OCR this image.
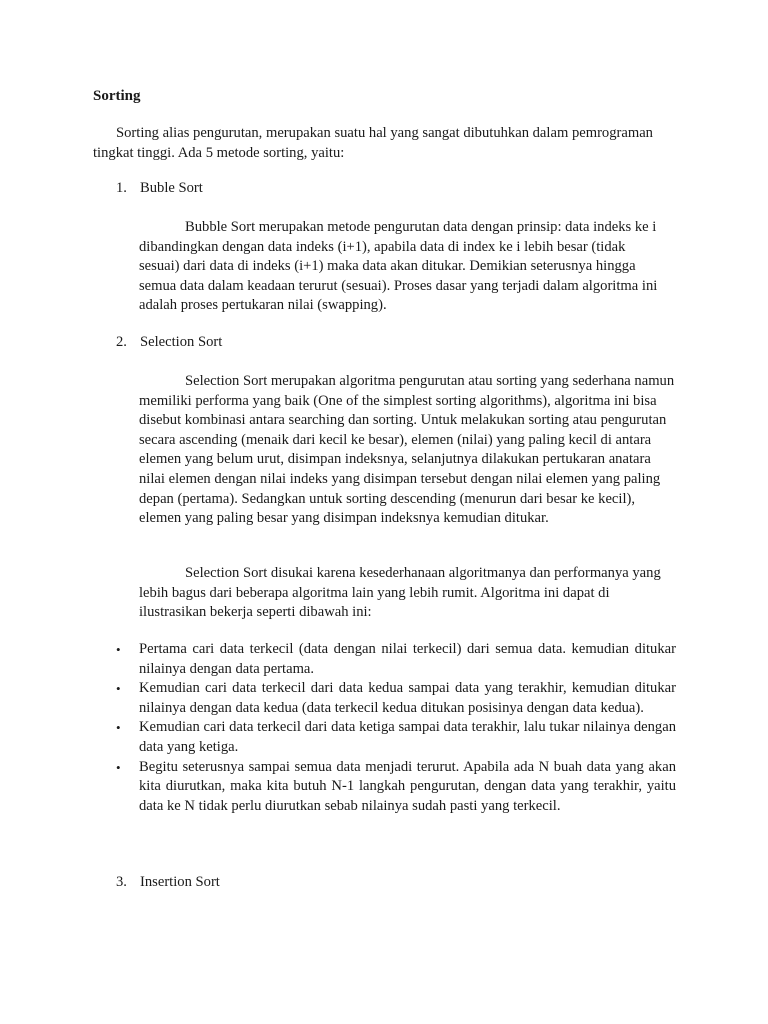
Sorting
Sorting alias pengurutan, merupakan suatu hal yang sangat dibutuhkan dalam pemrograman tingkat tinggi. Ada 5 metode sorting, yaitu:
1. Buble Sort
Bubble Sort merupakan metode pengurutan data dengan prinsip: data indeks ke i dibandingkan dengan data indeks (i+1), apabila data di index ke i lebih besar (tidak sesuai) dari data di indeks (i+1) maka data akan ditukar. Demikian seterusnya hingga semua data dalam keadaan terurut (sesuai). Proses dasar yang terjadi dalam algoritma ini adalah proses pertukaran nilai (swapping).
2. Selection Sort
Selection Sort merupakan algoritma pengurutan atau sorting yang sederhana namun memiliki performa yang baik (One of the simplest sorting algorithms), algoritma ini bisa disebut kombinasi antara searching dan sorting. Untuk melakukan sorting atau pengurutan secara ascending (menaik dari kecil ke besar), elemen (nilai) yang paling kecil di antara elemen yang belum urut, disimpan indeksnya, selanjutnya dilakukan pertukaran anatara nilai elemen dengan nilai indeks yang disimpan tersebut dengan nilai elemen yang paling depan (pertama). Sedangkan untuk sorting descending (menurun dari besar ke kecil), elemen yang paling besar yang disimpan indeksnya kemudian ditukar.
Selection Sort disukai karena kesederhanaan algoritmanya dan performanya yang lebih bagus dari beberapa algoritma lain yang lebih rumit. Algoritma ini dapat di ilustrasikan bekerja seperti dibawah ini:
• Pertama cari data terkecil (data dengan nilai terkecil) dari semua data. kemudian ditukar nilainya dengan data pertama.
• Kemudian cari data terkecil dari data kedua sampai data yang terakhir, kemudian ditukar nilainya dengan data kedua (data terkecil kedua ditukan posisinya dengan data kedua).
• Kemudian cari data terkecil dari data ketiga sampai data terakhir, lalu tukar nilainya dengan data yang ketiga.
• Begitu seterusnya sampai semua data menjadi terurut. Apabila ada N buah data yang akan kita diurutkan, maka kita butuh N-1 langkah pengurutan, dengan data yang terakhir, yaitu data ke N tidak perlu diurutkan sebab nilainya sudah pasti yang terkecil.
3. Insertion Sort
